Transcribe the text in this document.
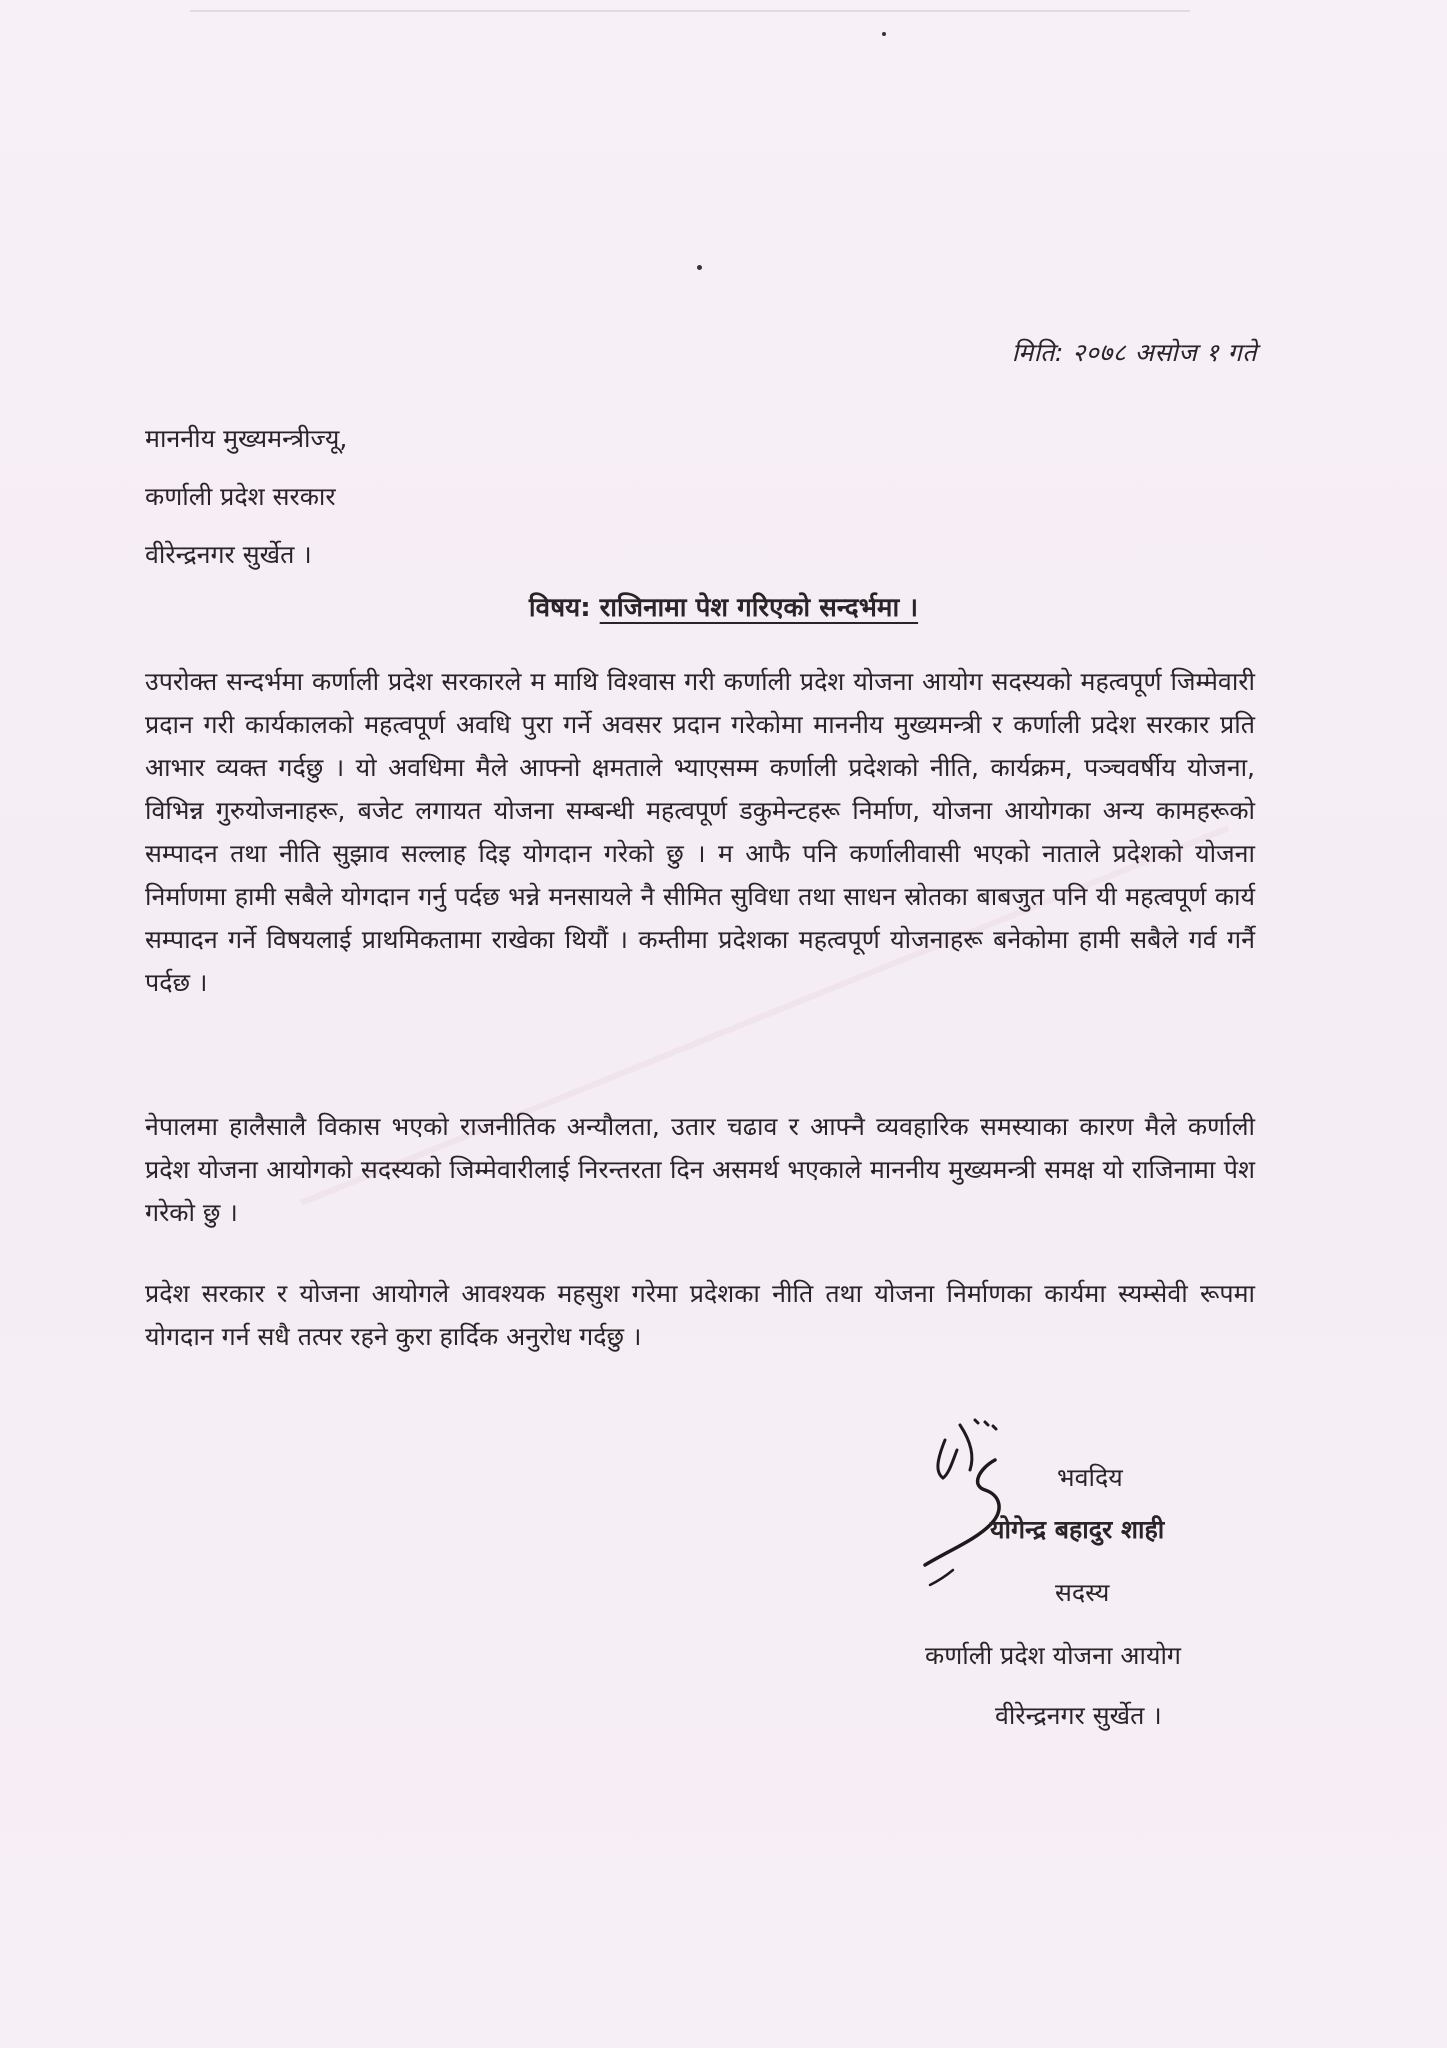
मिति: २०७८ असोज १ गते
माननीय मुख्यमन्त्रीज्यू,
कर्णाली प्रदेश सरकार
वीरेन्द्रनगर सुर्खेत ।
विषय: राजिनामा पेश गरिएको सन्दर्भमा ।
उपरोक्त सन्दर्भमा कर्णाली प्रदेश सरकारले म माथि विश्वास गरी कर्णाली प्रदेश योजना आयोग सदस्यको महत्वपूर्ण जिम्मेवारी प्रदान गरी कार्यकालको महत्वपूर्ण अवधि पुरा गर्ने अवसर प्रदान गरेकोमा माननीय मुख्यमन्त्री र कर्णाली प्रदेश सरकार प्रति आभार व्यक्त गर्दछु । यो अवधिमा मैले आफ्नो क्षमताले भ्याएसम्म कर्णाली प्रदेशको नीति, कार्यक्रम, पञ्चवर्षीय योजना, विभिन्न गुरुयोजनाहरू, बजेट लगायत योजना सम्बन्धी महत्वपूर्ण डकुमेन्टहरू निर्माण, योजना आयोगका अन्य कामहरूको सम्पादन तथा नीति सुझाव सल्लाह दिइ योगदान गरेको छु । म आफै पनि कर्णालीवासी भएको नाताले प्रदेशको योजना निर्माणमा हामी सबैले योगदान गर्नु पर्दछ भन्ने मनसायले नै सीमित सुविधा तथा साधन स्रोतका बाबजुत पनि यी महत्वपूर्ण कार्य सम्पादन गर्ने विषयलाई प्राथमिकतामा राखेका थियौं । कम्तीमा प्रदेशका महत्वपूर्ण योजनाहरू बनेकोमा हामी सबैले गर्व गर्नै पर्दछ ।
नेपालमा हालैसालै विकास भएको राजनीतिक अन्यौलता, उतार चढाव र आफ्नै व्यवहारिक समस्याका कारण मैले कर्णाली प्रदेश योजना आयोगको सदस्यको जिम्मेवारीलाई निरन्तरता दिन असमर्थ भएकाले माननीय मुख्यमन्त्री समक्ष यो राजिनामा पेश गरेको छु ।
प्रदेश सरकार र योजना आयोगले आवश्यक महसुश गरेमा प्रदेशका नीति तथा योजना निर्माणका कार्यमा स्यम्सेवी रूपमा योगदान गर्न सधै तत्पर रहने कुरा हार्दिक अनुरोध गर्दछु ।
भवदिय
योगेन्द्र बहादुर शाही
सदस्य
कर्णाली प्रदेश योजना आयोग
वीरेन्द्रनगर सुर्खेत ।
